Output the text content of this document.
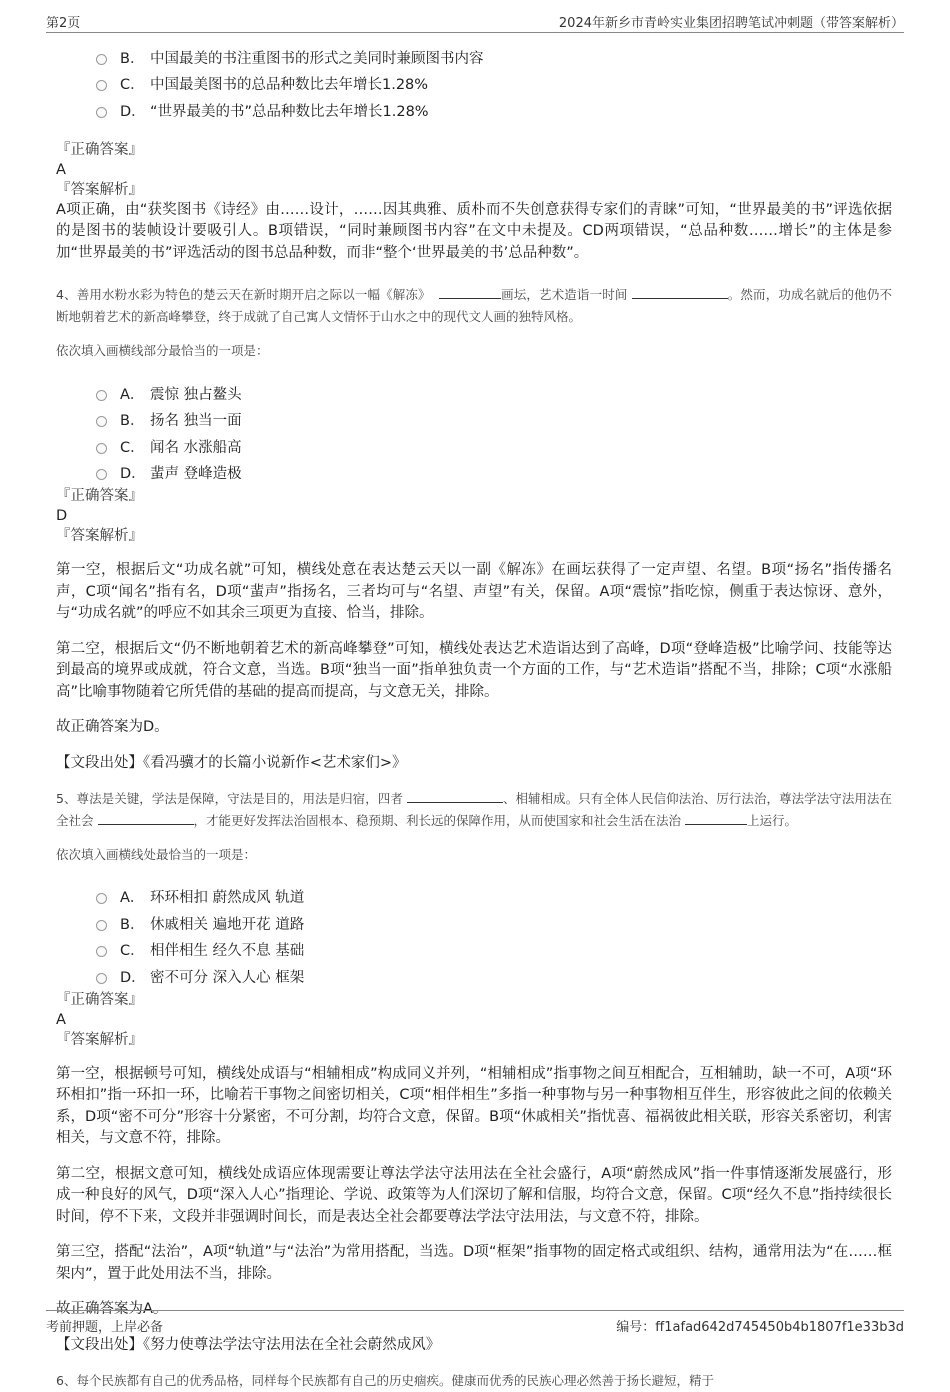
第2页	2024年新乡市青岭实业集团招聘笔试冲刺题（带答案解析）
B． 中国最美的书注重图书的形式之美同时兼顾图书内容
C． 中国最美图书的总品种数比去年增长1.28%
D． “世界最美的书”总品种数比去年增长1.28%
『正确答案』
A
『答案解析』

A项正确，由“获奖图书《诗经》由……设计，……因其典雅、质朴而不失创意获得专家们的青睐”可知，“世界最美的书”评选依据的是图书的装帧设计要吸引人。B项错误，“同时兼顾图书内容”在文中未提及。CD两项错误，“总品种数……增长”的主体是参加“世界最美的书”评选活动的图书总品种数，而非“整个‘世界最美的书’总品种数”。

4、善用水粉水彩为特色的楚云天在新时期开启之际以一幅《解冻》	画坛，艺术造诣一时间	。然而，功成名就后的他仍不断地朝着艺术的新高峰攀登，终于成就了自己寓人文情怀于山水之中的现代文人画的独特风格。

依次填入画横线部分最恰当的一项是：

A． 震惊 独占鳌头
B． 扬名 独当一面
C． 闻名 水涨船高
D． 蜚声 登峰造极
『正确答案』
D
『答案解析』

第一空，根据后文“功成名就”可知，横线处意在表达楚云天以一副《解冻》在画坛获得了一定声望、名望。B项“扬名”指传播名声，C项“闻名”指有名，D项“蜚声”指扬名，三者均可与“名望、声望”有关，保留。A项“震惊”指吃惊，侧重于表达惊讶、意外，与“功成名就”的呼应不如其余三项更为直接、恰当，排除。

第二空，根据后文“仍不断地朝着艺术的新高峰攀登”可知，横线处表达艺术造诣达到了高峰，D项“登峰造极”比喻学问、技能等达到最高的境界或成就，符合文意，当选。B项“独当一面”指单独负责一个方面的工作，与“艺术造诣”搭配不当，排除；C项“水涨船高”比喻事物随着它所凭借的基础的提高而提高，与文意无关，排除。

故正确答案为D。

【文段出处】《看冯骥才的长篇小说新作<艺术家们>》

5、尊法是关键，学法是保障，守法是目的，用法是归宿，四者	、相辅相成。只有全体人民信仰法治、厉行法治，尊法学法守法用法在全社会	，才能更好发挥法治固根本、稳预期、利长远的保障作用，从而使国家和社会生活在法治	上运行。

依次填入画横线处最恰当的一项是：

A． 环环相扣 蔚然成风 轨道
B． 休戚相关 遍地开花 道路
C． 相伴相生 经久不息 基础
D． 密不可分 深入人心 框架
『正确答案』
A
『答案解析』

第一空，根据顿号可知，横线处成语与“相辅相成”构成同义并列，“相辅相成”指事物之间互相配合，互相辅助，缺一不可，A项“环环相扣”指一环扣一环，比喻若干事物之间密切相关，C项“相伴相生”多指一种事物与另一种事物相互伴生，形容彼此之间的依赖关系，D项“密不可分”形容十分紧密，不可分割，均符合文意，保留。B项“休戚相关”指忧喜、福祸彼此相关联，形容关系密切，利害相关，与文意不符，排除。

第二空，根据文意可知，横线处成语应体现需要让尊法学法守法用法在全社会盛行，A项“蔚然成风”指一件事情逐渐发展盛行，形成一种良好的风气，D项“深入人心”指理论、学说、政策等为人们深切了解和信服，均符合文意，保留。C项“经久不息”指持续很长时间，停不下来，文段并非强调时间长，而是表达全社会都要尊法学法守法用法，与文意不符，排除。

第三空，搭配“法治”，A项“轨道”与“法治”为常用搭配，当选。D项“框架”指事物的固定格式或组织、结构，通常用法为“在……框架内”，置于此处用法不当，排除。

故正确答案为A。

【文段出处】《努力使尊法学法守法用法在全社会蔚然成风》

6、每个民族都有自己的优秀品格，同样每个民族都有自己的历史痼疾。健康而优秀的民族心理必然善于扬长避短，精于

考前押题，上岸必备	编号：ff1afad642d745450b4b1807f1e33b3d
